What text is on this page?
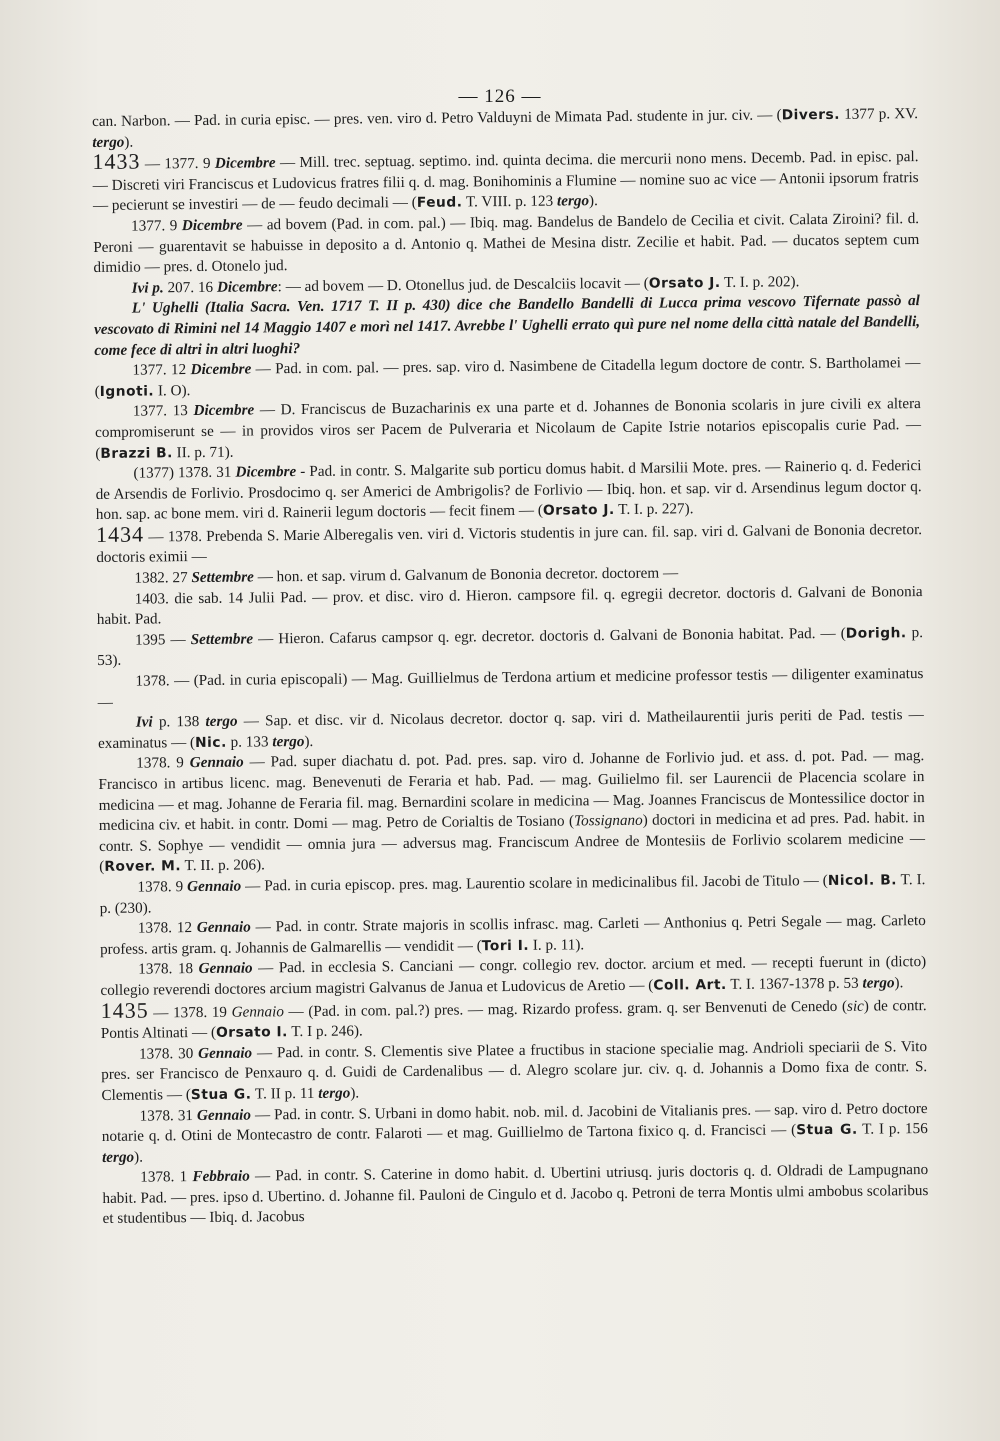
— 126 —

can. Narbon. — Pad. in curia episc. — pres. ven. viro d. Petro Valduyni de Mimata Pad. studente in jur. civ. — (Divers. 1377 p. XV. tergo).

1433 — 1377. 9 Dicembre — Mill. trec. septuag. septimo. ind. quinta decima. die mercurii nono mens. Decemb. Pad. in episc. pal. — Discreti viri Franciscus et Ludovicus fratres filii q. d. mag. Bonihominis a Flumine — nomine suo ac vice — Antonii ipsorum fratris — pecierunt se investiri — de — feudo decimali — (Feud. T. VIII. p. 123 tergo).

1377. 9 Dicembre — ad bovem (Pad. in com. pal.) — Ibiq. mag. Bandelus de Bandelo de Cecilia et civit. Calata Ziroini? fil. d. Peroni — guarentavit se habuisse in deposito a d. Antonio q. Mathei de Mesina distr. Zecilie et habit. Pad. — ducatos septem cum dimidio — pres. d. Otonelo jud.

Ivi p. 207. 16 Dicembre: — ad bovem — D. Otonellus jud. de Descalciis locavit — (Orsato J. T. I. p. 202).

L' Ughelli (Italia Sacra. Ven. 1717 T. II p. 430) dice che Bandello Bandelli di Lucca prima vescovo Tifernate passò al vescovato di Rimini nel 14 Maggio 1407 e morì nel 1417. Avrebbe l' Ughelli errato quì pure nel nome della città natale del Bandelli, come fece di altri in altri luoghi?

1377. 12 Dicembre — Pad. in com. pal. — pres. sap. viro d. Nasimbene de Citadella legum doctore de contr. S. Bartholamei — (Ignoti. I. O).

1377. 13 Dicembre — D. Franciscus de Buzacharinis ex una parte et d. Johannes de Bononia scolaris in jure civili ex altera compromiserunt se — in providos viros ser Pacem de Pulveraria et Nicolaum de Capite Istrie notarios episcopalis curie Pad. — (Brazzi B. II. p. 71).

(1377) 1378. 31 Dicembre - Pad. in contr. S. Malgarite sub porticu domus habit. d Marsilii Mote. pres. — Rainerio q. d. Federici de Arsendis de Forlivio. Prosdocimo q. ser Americi de Ambrigolis? de Forlivio — Ibiq. hon. et sap. vir d. Arsendinus legum doctor q. hon. sap. ac bone mem. viri d. Rainerii legum doctoris — fecit finem — (Orsato J. T. I. p. 227).

1434 — 1378. Prebenda S. Marie Alberegalis ven. viri d. Victoris studentis in jure can. fil. sap. viri d. Galvani de Bononia decretor. doctoris eximii —

1382. 27 Settembre — hon. et sap. virum d. Galvanum de Bononia decretor. doctorem —

1403. die sab. 14 Julii Pad. — prov. et disc. viro d. Hieron. campsore fil. q. egregii decretor. doctoris d. Galvani de Bononia habit. Pad.

1395 — Settembre — Hieron. Cafarus campsor q. egr. decretor. doctoris d. Galvani de Bononia habitat. Pad. — (Dorigh. p. 53).

1378. — (Pad. in curia episcopali) — Mag. Guillielmus de Terdona artium et medicine professor testis — diligenter examinatus —

Ivi p. 138 tergo — Sap. et disc. vir d. Nicolaus decretor. doctor q. sap. viri d. Matheilaurentii juris periti de Pad. testis — examinatus — (Nic. p. 133 tergo).

1378. 9 Gennaio — Pad. super diachatu d. pot. Pad. pres. sap. viro d. Johanne de Forlivio jud. et ass. d. pot. Pad. — mag. Francisco in artibus licenc. mag. Benevenuti de Feraria et hab. Pad. — mag. Guilielmo fil. ser Laurencii de Placencia scolare in medicina — et mag. Johanne de Feraria fil. mag. Bernardini scolare in medicina — Mag. Joannes Franciscus de Montessilice doctor in medicina civ. et habit. in contr. Domi — mag. Petro de Corialtis de Tosiano (Tossignano) doctori in medicina et ad pres. Pad. habit. in contr. S. Sophye — vendidit — omnia jura — adversus mag. Franciscum Andree de Montesiis de Forlivio scolarem medicine — (Rover. M. T. II. p. 206).

1378. 9 Gennaio — Pad. in curia episcop. pres. mag. Laurentio scolare in medicinalibus fil. Jacobi de Titulo — (Nicol. B. T. I. p. (230).

1378. 12 Gennaio — Pad. in contr. Strate majoris in scollis infrasc. mag. Carleti — Anthonius q. Petri Segale — mag. Carleto profess. artis gram. q. Johannis de Galmarellis — vendidit — (Tori I. I. p. 11).

1378. 18 Gennaio — Pad. in ecclesia S. Canciani — congr. collegio rev. doctor. arcium et med. — recepti fuerunt in (dicto) collegio reverendi doctores arcium magistri Galvanus de Janua et Ludovicus de Aretio — (Coll. Art. T. I. 1367-1378 p. 53 tergo).

1435 — 1378. 19 Gennaio — (Pad. in com. pal.?) pres. — mag. Rizardo profess. gram. q. ser Benvenuti de Cenedo (sic) de contr. Pontis Altinati — (Orsato I. T. I p. 246).

1378. 30 Gennaio — Pad. in contr. S. Clementis sive Platee a fructibus in stacione specialie mag. Andrioli speciarii de S. Vito pres. ser Francisco de Penxauro q. d. Guidi de Cardenalibus — d. Alegro scolare jur. civ. q. d. Johannis a Domo fixa de contr. S. Clementis — (Stua G. T. II p. 11 tergo).

1378. 31 Gennaio — Pad. in contr. S. Urbani in domo habit. nob. mil. d. Jacobini de Vitalianis pres. — sap. viro d. Petro doctore notarie q. d. Otini de Montecastro de contr. Falaroti — et mag. Guillielmo de Tartona fixico q. d. Francisci — (Stua G. T. I p. 156 tergo).

1378. 1 Febbraio — Pad. in contr. S. Caterine in domo habit. d. Ubertini utriusq. juris doctoris q. d. Oldradi de Lampugnano habit. Pad. — pres. ipso d. Ubertino. d. Johanne fil. Pauloni de Cingulo et d. Jacobo q. Petroni de terra Montis ulmi ambobus scolaribus et studentibus — Ibiq. d. Jacobus
